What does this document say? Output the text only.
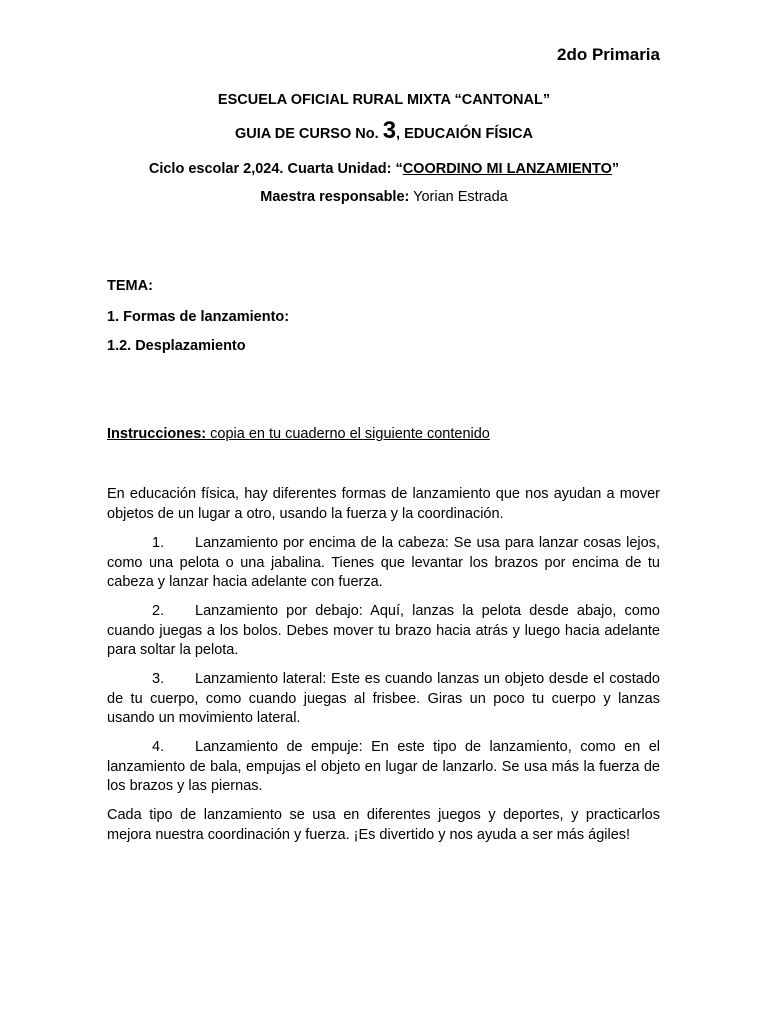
2do Primaria
ESCUELA OFICIAL RURAL MIXTA “CANTONAL”
GUIA DE CURSO No. 3, EDUCAIÓN FÍSICA
Ciclo escolar 2,024. Cuarta Unidad: “COORDINO MI LANZAMIENTO”
Maestra responsable: Yorian Estrada
TEMA:
1. Formas de lanzamiento:
1.2. Desplazamiento
Instrucciones: copia en tu cuaderno el siguiente contenido
En educación física, hay diferentes formas de lanzamiento que nos ayudan a mover objetos de un lugar a otro, usando la fuerza y la coordinación.
1. Lanzamiento por encima de la cabeza: Se usa para lanzar cosas lejos, como una pelota o una jabalina. Tienes que levantar los brazos por encima de tu cabeza y lanzar hacia adelante con fuerza.
2. Lanzamiento por debajo: Aquí, lanzas la pelota desde abajo, como cuando juegas a los bolos. Debes mover tu brazo hacia atrás y luego hacia adelante para soltar la pelota.
3. Lanzamiento lateral: Este es cuando lanzas un objeto desde el costado de tu cuerpo, como cuando juegas al frisbee. Giras un poco tu cuerpo y lanzas usando un movimiento lateral.
4. Lanzamiento de empuje: En este tipo de lanzamiento, como en el lanzamiento de bala, empujas el objeto en lugar de lanzarlo. Se usa más la fuerza de los brazos y las piernas.
Cada tipo de lanzamiento se usa en diferentes juegos y deportes, y practicarlos mejora nuestra coordinación y fuerza. ¡Es divertido y nos ayuda a ser más ágiles!
